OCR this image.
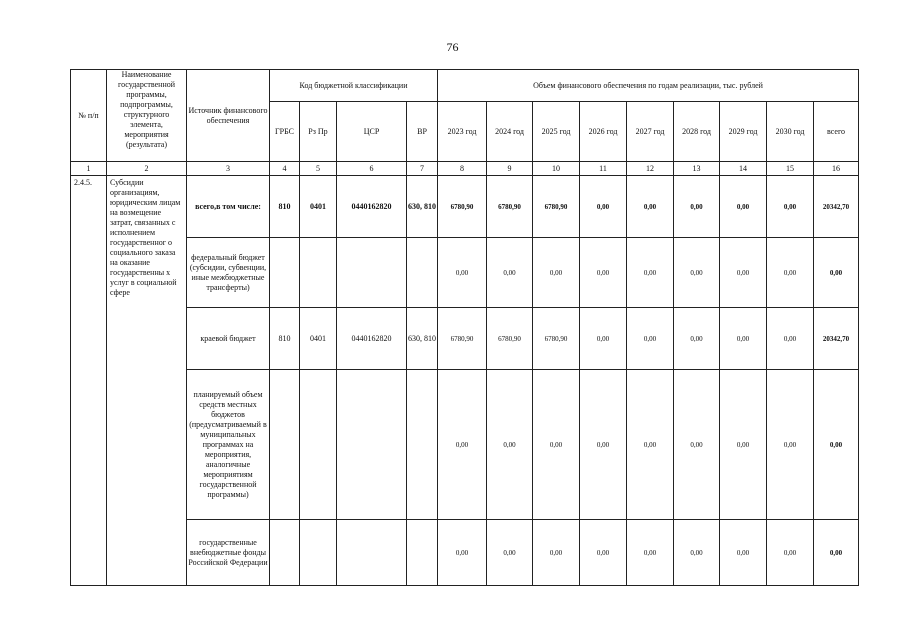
76
№ п/п	Наименование государственной программы, подпрограммы, структурного элемента, мероприятия (результата)	Источник финансового обеспечения	Код бюджетной классификации				Объем финансового обеспечения по годам реализации, тыс. рублей								
			ГРБС	Рз Пр	ЦСР	ВР	2023 год	2024 год	2025 год	2026 год	2027 год	2028 год	2029 год	2030 год	всего
1	2	3	4	5	6	7	8	9	10	11	12	13	14	15	16
2.4.5.	Субсидии организациям, юридическим лицам на возмещение затрат, связанных с исполнением государственног о социального заказа на оказание государственны х услуг в социальной сфере	всего,в том числе:	810	0401	0440162820	630, 810	6780,90	6780,90	6780,90	0,00	0,00	0,00	0,00	0,00	20342,70
		федеральный бюджет (субсидии, субвенции, иные межбюджетные трансферты)					0,00	0,00	0,00	0,00	0,00	0,00	0,00	0,00	0,00
		краевой бюджет	810	0401	0440162820	630, 810	6780,90	6780,90	6780,90	0,00	0,00	0,00	0,00	0,00	20342,70
		планируемый объем средств местных бюджетов (предусматриваемый в муниципальных программах на мероприятия, аналогичные мероприятиям государственной программы)					0,00	0,00	0,00	0,00	0,00	0,00	0,00	0,00	0,00
		государственные внебюджетные фонды Российской Федерации					0,00	0,00	0,00	0,00	0,00	0,00	0,00	0,00	0,00
